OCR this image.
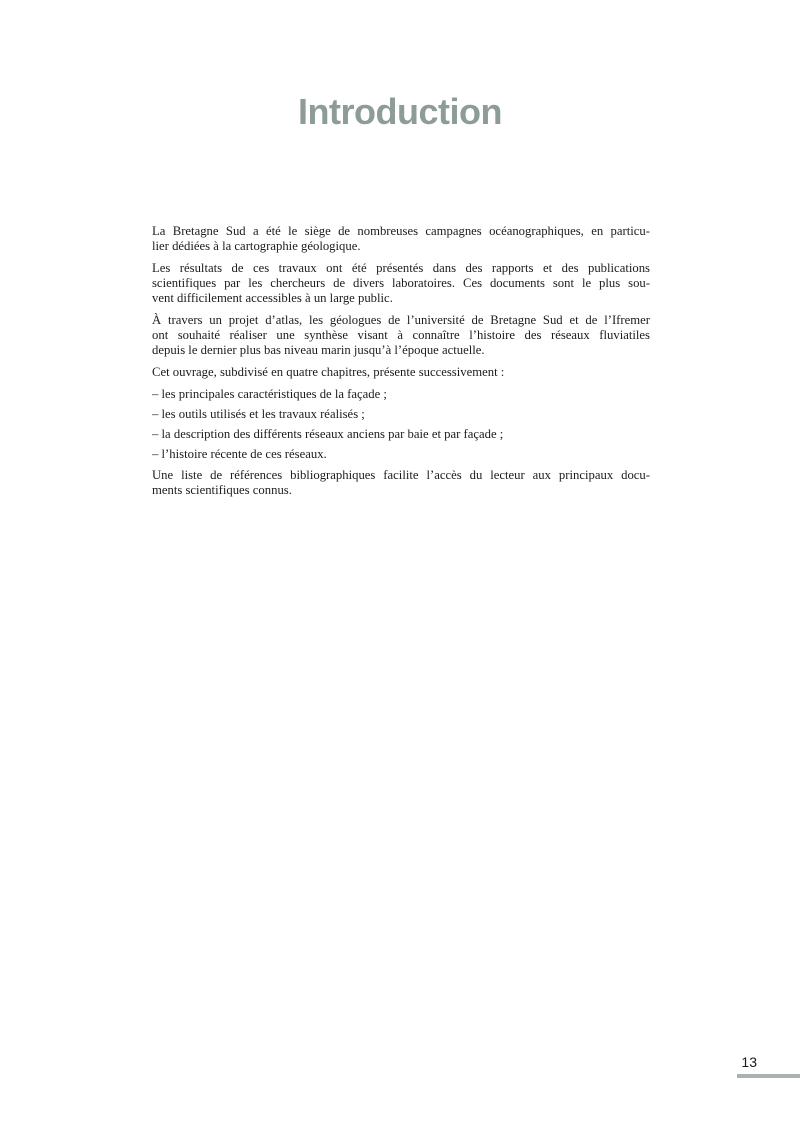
Introduction
La Bretagne Sud a été le siège de nombreuses campagnes océanographiques, en particu-
lier dédiées à la cartographie géologique.
Les résultats de ces travaux ont été présentés dans des rapports et des publications
scientifiques par les chercheurs de divers laboratoires. Ces documents sont le plus sou-
vent difficilement accessibles à un large public.
À travers un projet d’atlas, les géologues de l’université de Bretagne Sud et de l’Ifremer
ont souhaité réaliser une synthèse visant à connaître l’histoire des réseaux fluviatiles
depuis le dernier plus bas niveau marin jusqu’à l’époque actuelle.
Cet ouvrage, subdivisé en quatre chapitres, présente successivement :
– les principales caractéristiques de la façade ;
– les outils utilisés et les travaux réalisés ;
– la description des différents réseaux anciens par baie et par façade ;
– l’histoire récente de ces réseaux.
Une liste de références bibliographiques facilite l’accès du lecteur aux principaux docu-
ments scientifiques connus.
13
